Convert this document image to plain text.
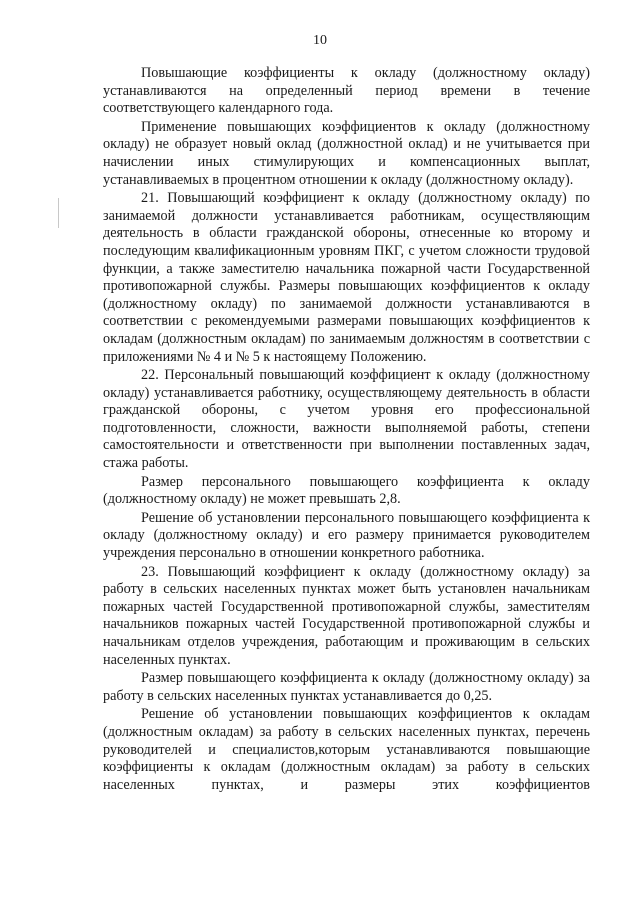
10

Повышающие коэффициенты к окладу (должностному окладу) устанавливаются на определенный период времени в течение соответствующего календарного года.

Применение повышающих коэффициентов к окладу (должностному окладу) не образует новый оклад (должностной оклад) и не учитывается при начислении иных стимулирующих и компенсационных выплат, устанавливаемых в процентном отношении к окладу (должностному окладу).

21. Повышающий коэффициент к окладу (должностному окладу) по занимаемой должности устанавливается работникам, осуществляющим деятельность в области гражданской обороны, отнесенные ко второму и последующим квалификационным уровням ПКГ, с учетом сложности трудовой функции, а также заместителю начальника пожарной части Государственной противопожарной службы. Размеры повышающих коэффициентов к окладу (должностному окладу) по занимаемой должности устанавливаются в соответствии с рекомендуемыми размерами повышающих коэффициентов к окладам (должностным окладам) по занимаемым должностям в соответствии с приложениями № 4 и № 5 к настоящему Положению.

22. Персональный повышающий коэффициент к окладу (должностному окладу) устанавливается работнику, осуществляющему деятельность в области гражданской обороны, с учетом уровня его профессиональной подготовленности, сложности, важности выполняемой работы, степени самостоятельности и ответственности при выполнении поставленных задач, стажа работы.

Размер персонального повышающего коэффициента к окладу (должностному окладу) не может превышать 2,8.

Решение об установлении персонального повышающего коэффициента к окладу (должностному окладу) и его размеру принимается руководителем учреждения персонально в отношении конкретного работника.

23. Повышающий коэффициент к окладу (должностному окладу) за работу в сельских населенных пунктах может быть установлен начальникам пожарных частей Государственной противопожарной службы, заместителям начальников пожарных частей Государственной противопожарной службы и начальникам отделов учреждения, работающим и проживающим в сельских населенных пунктах.

Размер повышающего коэффициента к окладу (должностному окладу) за работу в сельских населенных пунктах устанавливается до 0,25.

Решение об установлении повышающих коэффициентов к окладам (должностным окладам) за работу в сельских населенных пунктах, перечень руководителей и специалистов,которым устанавливаются повышающие коэффициенты к окладам (должностным окладам) за работу в сельских населенных пунктах, и размеры этих коэффициентов
